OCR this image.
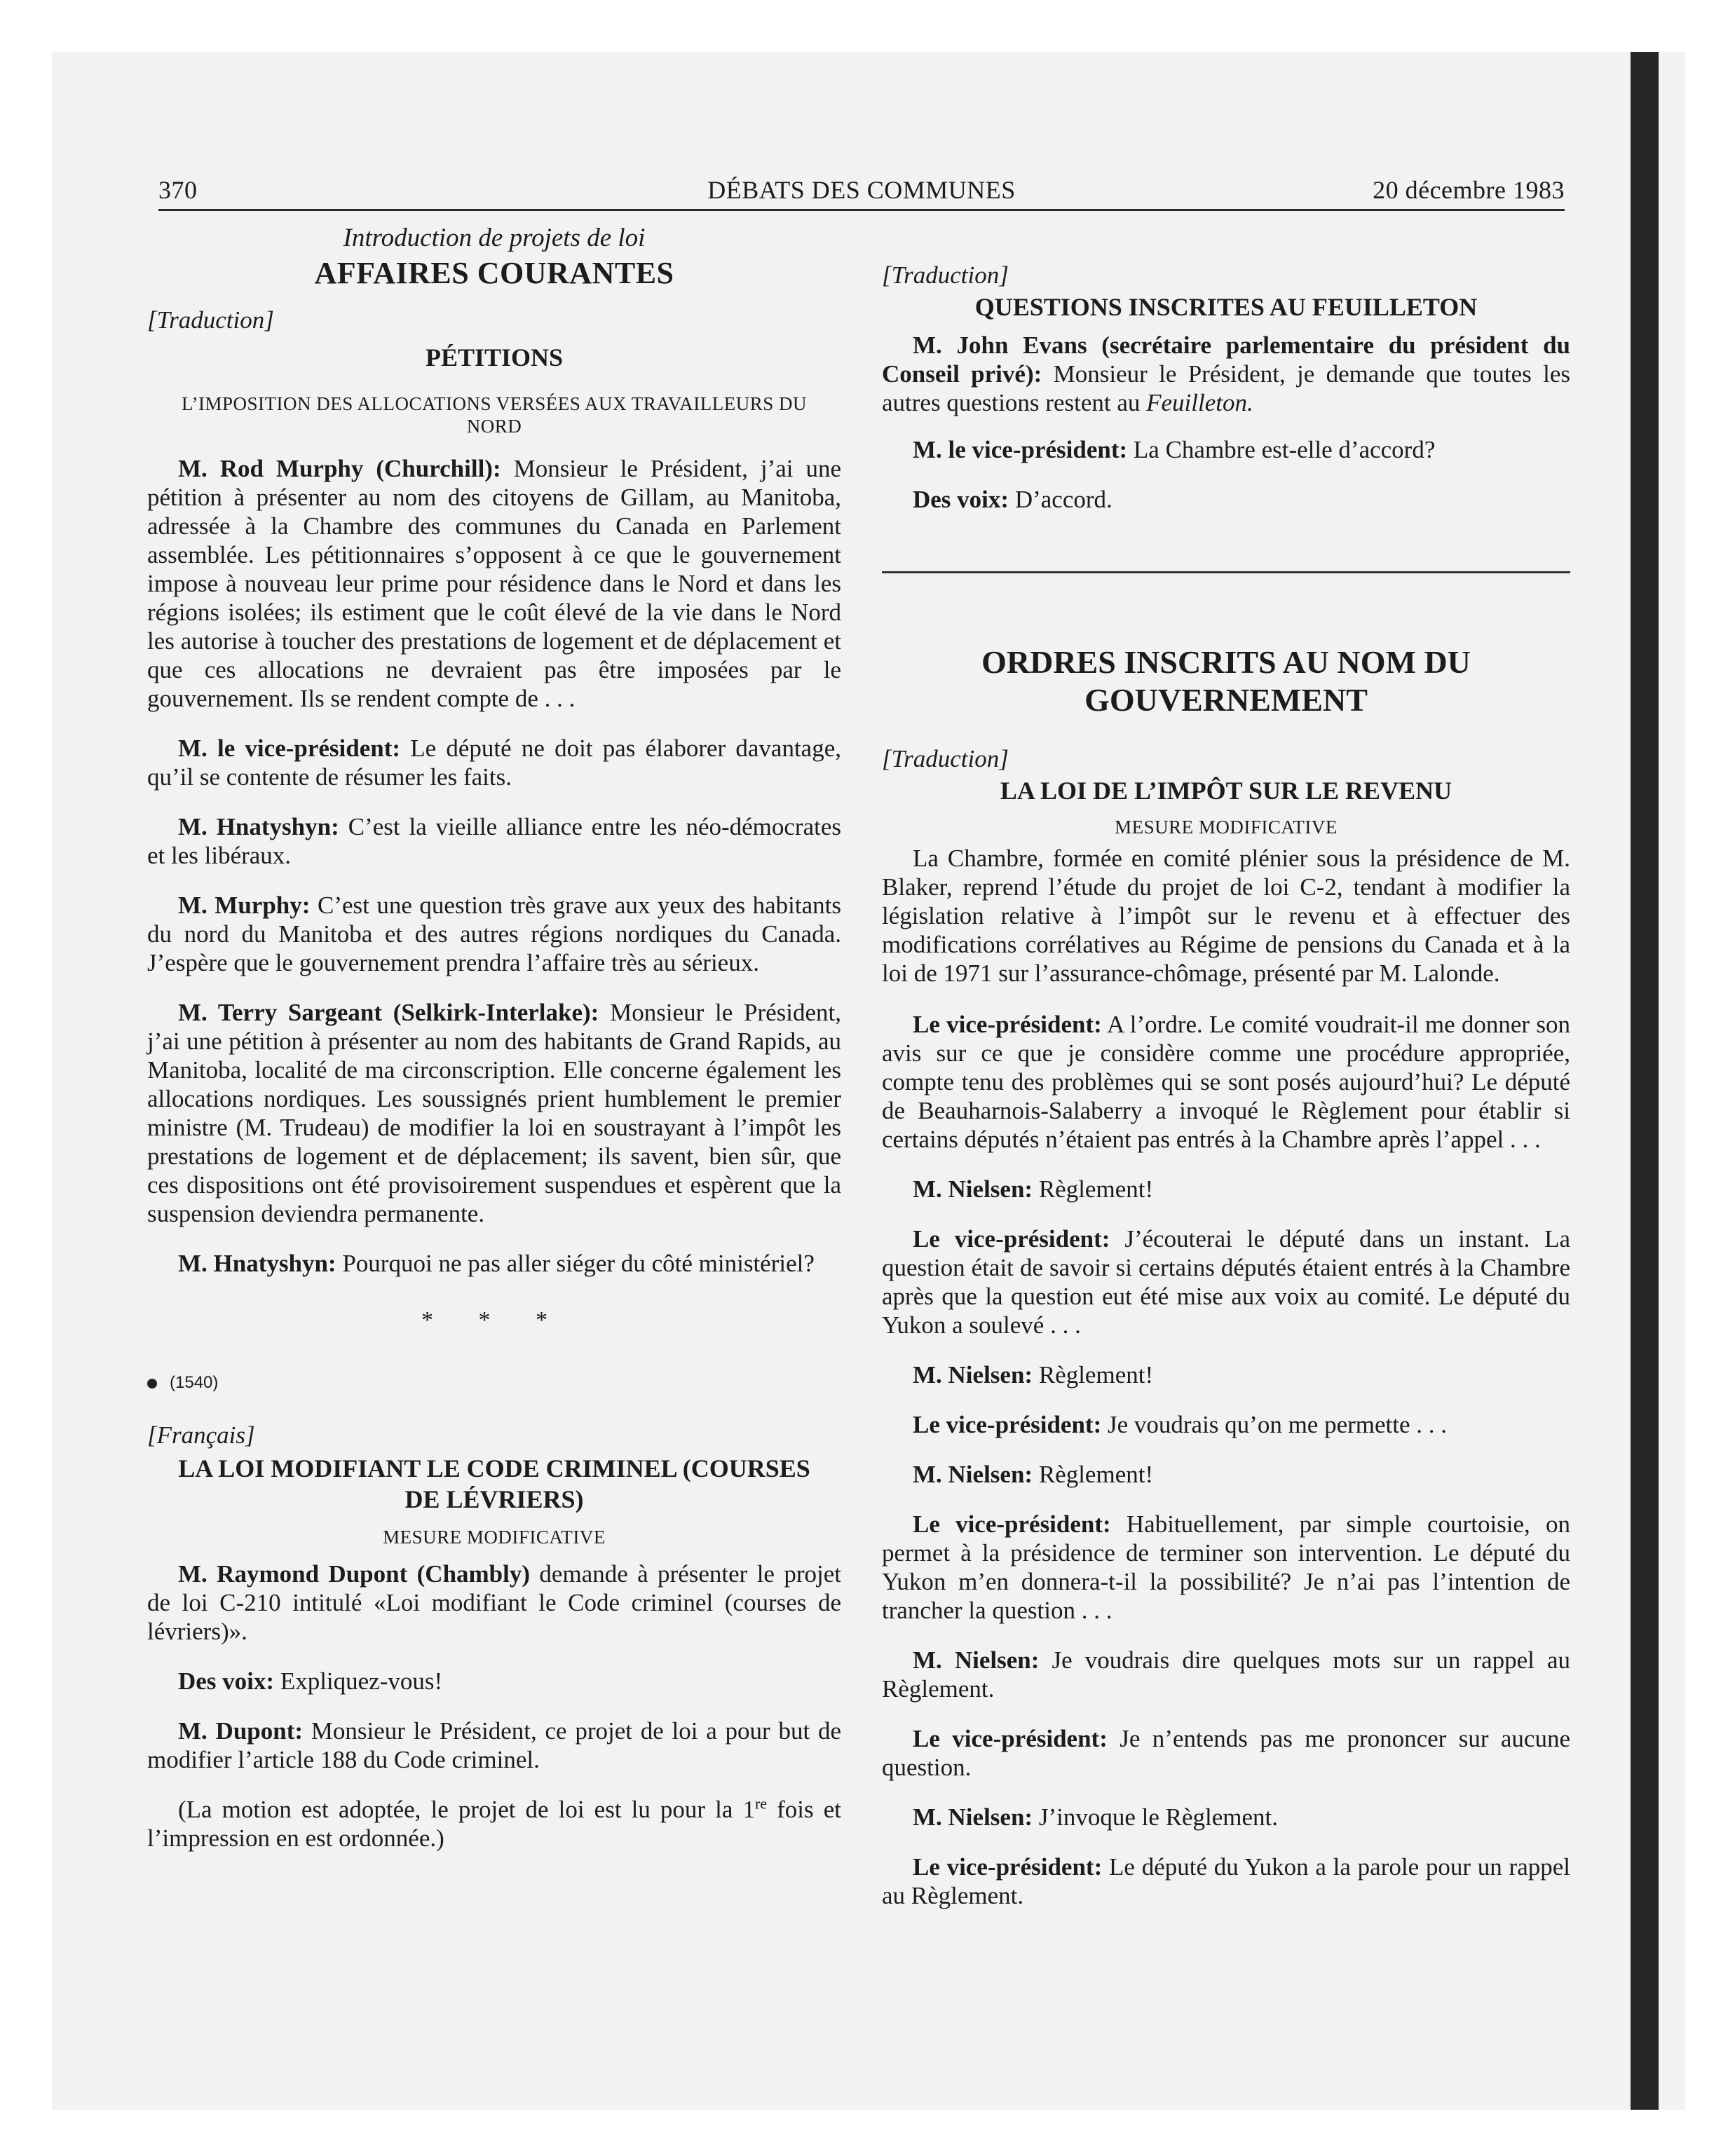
370	DÉBATS DES COMMUNES	20 décembre 1983

Introduction de projets de loi

AFFAIRES COURANTES

[Traduction]

PÉTITIONS

L’IMPOSITION DES ALLOCATIONS VERSÉES AUX TRAVAILLEURS DU NORD

M. Rod Murphy (Churchill): Monsieur le Président, j’ai une pétition à présenter au nom des citoyens de Gillam, au Manitoba, adressée à la Chambre des communes du Canada en Parlement assemblée. Les pétitionnaires s’opposent à ce que le gouvernement impose à nouveau leur prime pour résidence dans le Nord et dans les régions isolées; ils estiment que le coût élevé de la vie dans le Nord les autorise à toucher des prestations de logement et de déplacement et que ces allocations ne devraient pas être imposées par le gouvernement. Ils se rendent compte de . . .

M. le vice-président: Le député ne doit pas élaborer davantage, qu’il se contente de résumer les faits.

M. Hnatyshyn: C’est la vieille alliance entre les néo-démocrates et les libéraux.

M. Murphy: C’est une question très grave aux yeux des habitants du nord du Manitoba et des autres régions nordiques du Canada. J’espère que le gouvernement prendra l’affaire très au sérieux.

M. Terry Sargeant (Selkirk-Interlake): Monsieur le Président, j’ai une pétition à présenter au nom des habitants de Grand Rapids, au Manitoba, localité de ma circonscription. Elle concerne également les allocations nordiques. Les soussignés prient humblement le premier ministre (M. Trudeau) de modifier la loi en soustrayant à l’impôt les prestations de logement et de déplacement; ils savent, bien sûr, que ces dispositions ont été provisoirement suspendues et espèrent que la suspension deviendra permanente.

M. Hnatyshyn: Pourquoi ne pas aller siéger du côté ministériel?

* * *

(1540)

[Français]

LA LOI MODIFIANT LE CODE CRIMINEL (COURSES DE LÉVRIERS)

MESURE MODIFICATIVE

M. Raymond Dupont (Chambly) demande à présenter le projet de loi C-210 intitulé «Loi modifiant le Code criminel (courses de lévriers)».

Des voix: Expliquez-vous!

M. Dupont: Monsieur le Président, ce projet de loi a pour but de modifier l’article 188 du Code criminel.

(La motion est adoptée, le projet de loi est lu pour la 1re fois et l’impression en est ordonnée.)

[Traduction]

QUESTIONS INSCRITES AU FEUILLETON

M. John Evans (secrétaire parlementaire du président du Conseil privé): Monsieur le Président, je demande que toutes les autres questions restent au Feuilleton.

M. le vice-président: La Chambre est-elle d’accord?

Des voix: D’accord.

ORDRES INSCRITS AU NOM DU GOUVERNEMENT

[Traduction]

LA LOI DE L’IMPÔT SUR LE REVENU

MESURE MODIFICATIVE

La Chambre, formée en comité plénier sous la présidence de M. Blaker, reprend l’étude du projet de loi C-2, tendant à modifier la législation relative à l’impôt sur le revenu et à effectuer des modifications corrélatives au Régime de pensions du Canada et à la loi de 1971 sur l’assurance-chômage, présenté par M. Lalonde.

Le vice-président: A l’ordre. Le comité voudrait-il me donner son avis sur ce que je considère comme une procédure appropriée, compte tenu des problèmes qui se sont posés aujourd’hui? Le député de Beauharnois-Salaberry a invoqué le Règlement pour établir si certains députés n’étaient pas entrés à la Chambre après l’appel . . .

M. Nielsen: Règlement!

Le vice-président: J’écouterai le député dans un instant. La question était de savoir si certains députés étaient entrés à la Chambre après que la question eut été mise aux voix au comité. Le député du Yukon a soulevé . . .

M. Nielsen: Règlement!

Le vice-président: Je voudrais qu’on me permette . . .

M. Nielsen: Règlement!

Le vice-président: Habituellement, par simple courtoisie, on permet à la présidence de terminer son intervention. Le député du Yukon m’en donnera-t-il la possibilité? Je n’ai pas l’intention de trancher la question . . .

M. Nielsen: Je voudrais dire quelques mots sur un rappel au Règlement.

Le vice-président: Je n’entends pas me prononcer sur aucune question.

M. Nielsen: J’invoque le Règlement.

Le vice-président: Le député du Yukon a la parole pour un rappel au Règlement.
